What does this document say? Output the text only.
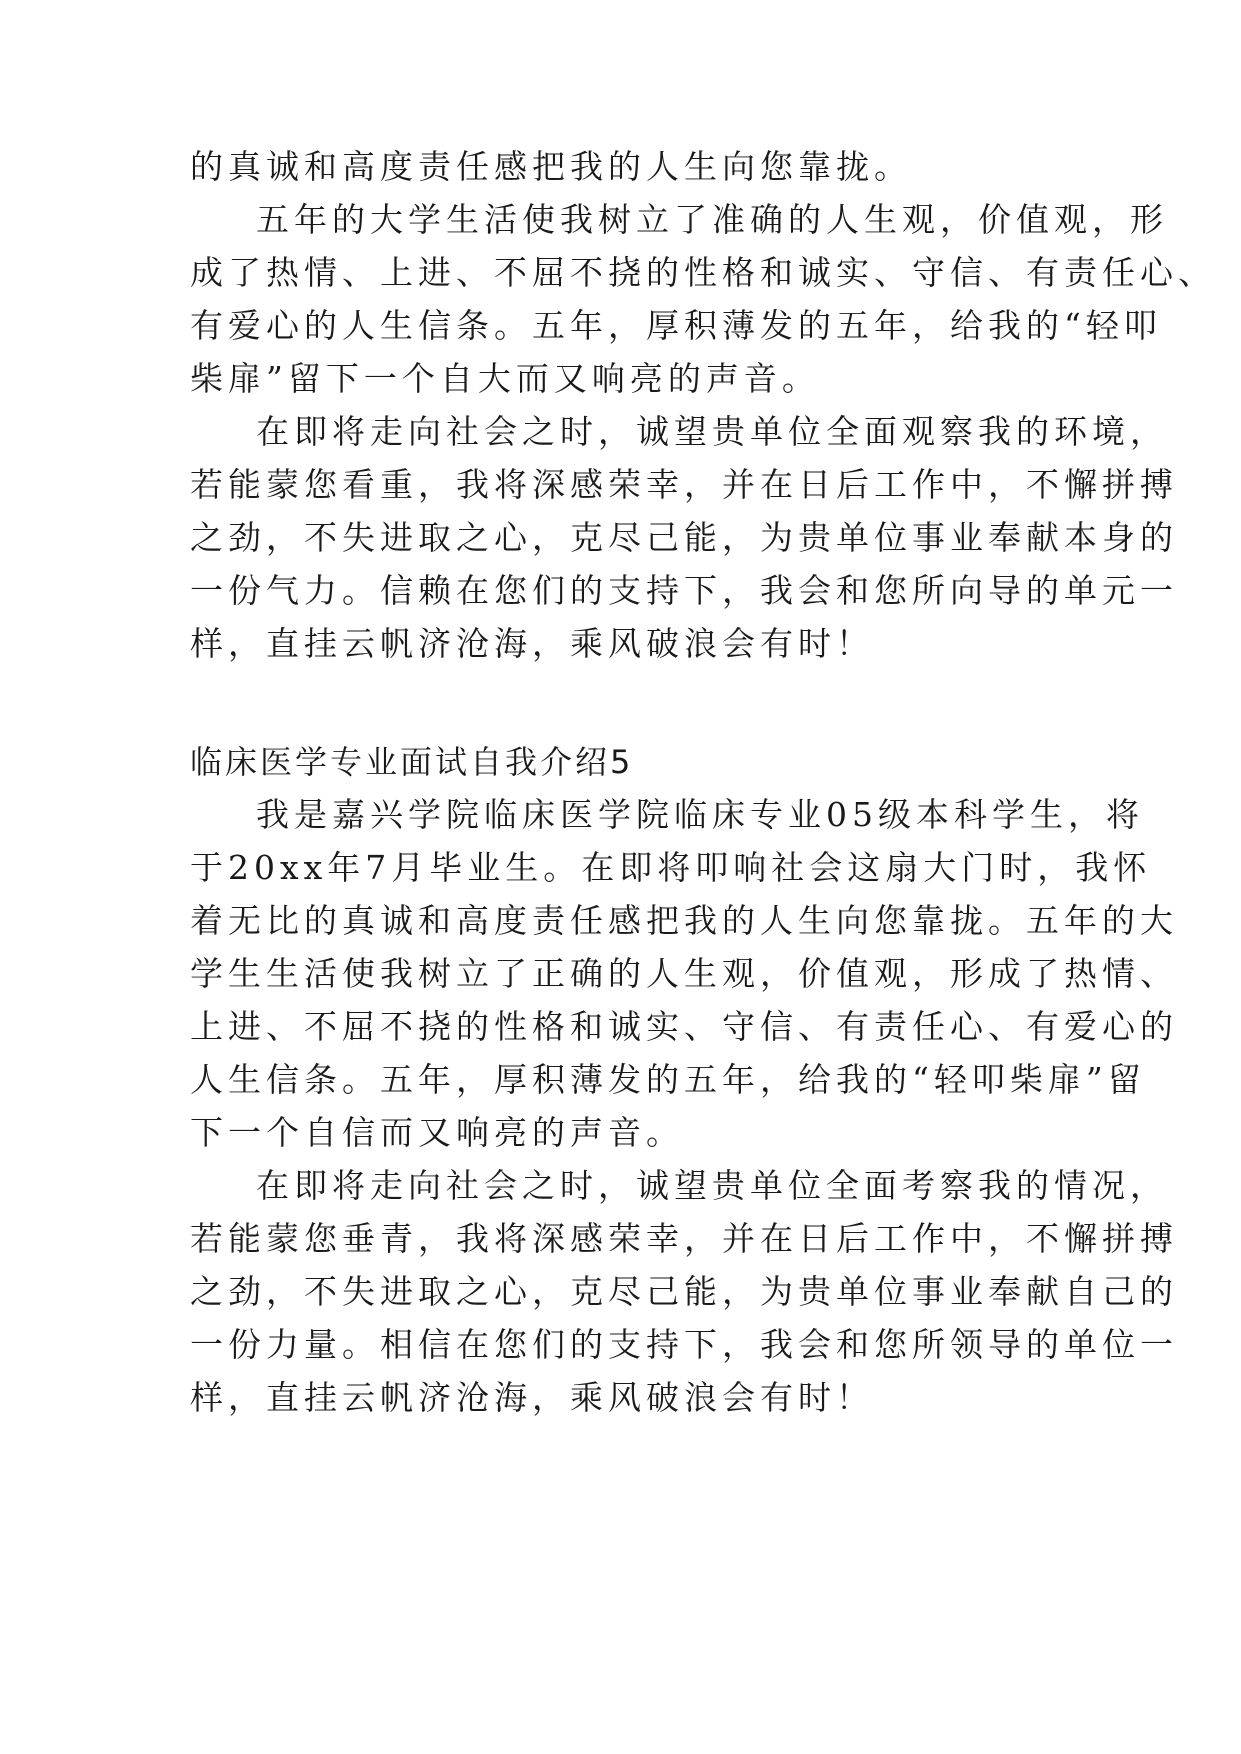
的真诚和高度责任感把我的人生向您靠拢。
五年的大学生活使我树立了准确的人生观，价值观，形
成了热情、上进、不屈不挠的性格和诚实、守信、有责任心、
有爱心的人生信条。五年，厚积薄发的五年，给我的“轻叩
柴扉”留下一个自大而又响亮的声音。
在即将走向社会之时，诚望贵单位全面观察我的环境，
若能蒙您看重，我将深感荣幸，并在日后工作中，不懈拼搏
之劲，不失进取之心，克尽己能，为贵单位事业奉献本身的
一份气力。信赖在您们的支持下，我会和您所向导的单元一
样，直挂云帆济沧海，乘风破浪会有时！
临床医学专业面试自我介绍5
我是嘉兴学院临床医学院临床专业05级本科学生，将
于20xx年7月毕业生。在即将叩响社会这扇大门时，我怀
着无比的真诚和高度责任感把我的人生向您靠拢。五年的大
学生生活使我树立了正确的人生观，价值观，形成了热情、
上进、不屈不挠的性格和诚实、守信、有责任心、有爱心的
人生信条。五年，厚积薄发的五年，给我的“轻叩柴扉”留
下一个自信而又响亮的声音。
在即将走向社会之时，诚望贵单位全面考察我的情况，
若能蒙您垂青，我将深感荣幸，并在日后工作中，不懈拼搏
之劲，不失进取之心，克尽己能，为贵单位事业奉献自己的
一份力量。相信在您们的支持下，我会和您所领导的单位一
样，直挂云帆济沧海，乘风破浪会有时！
